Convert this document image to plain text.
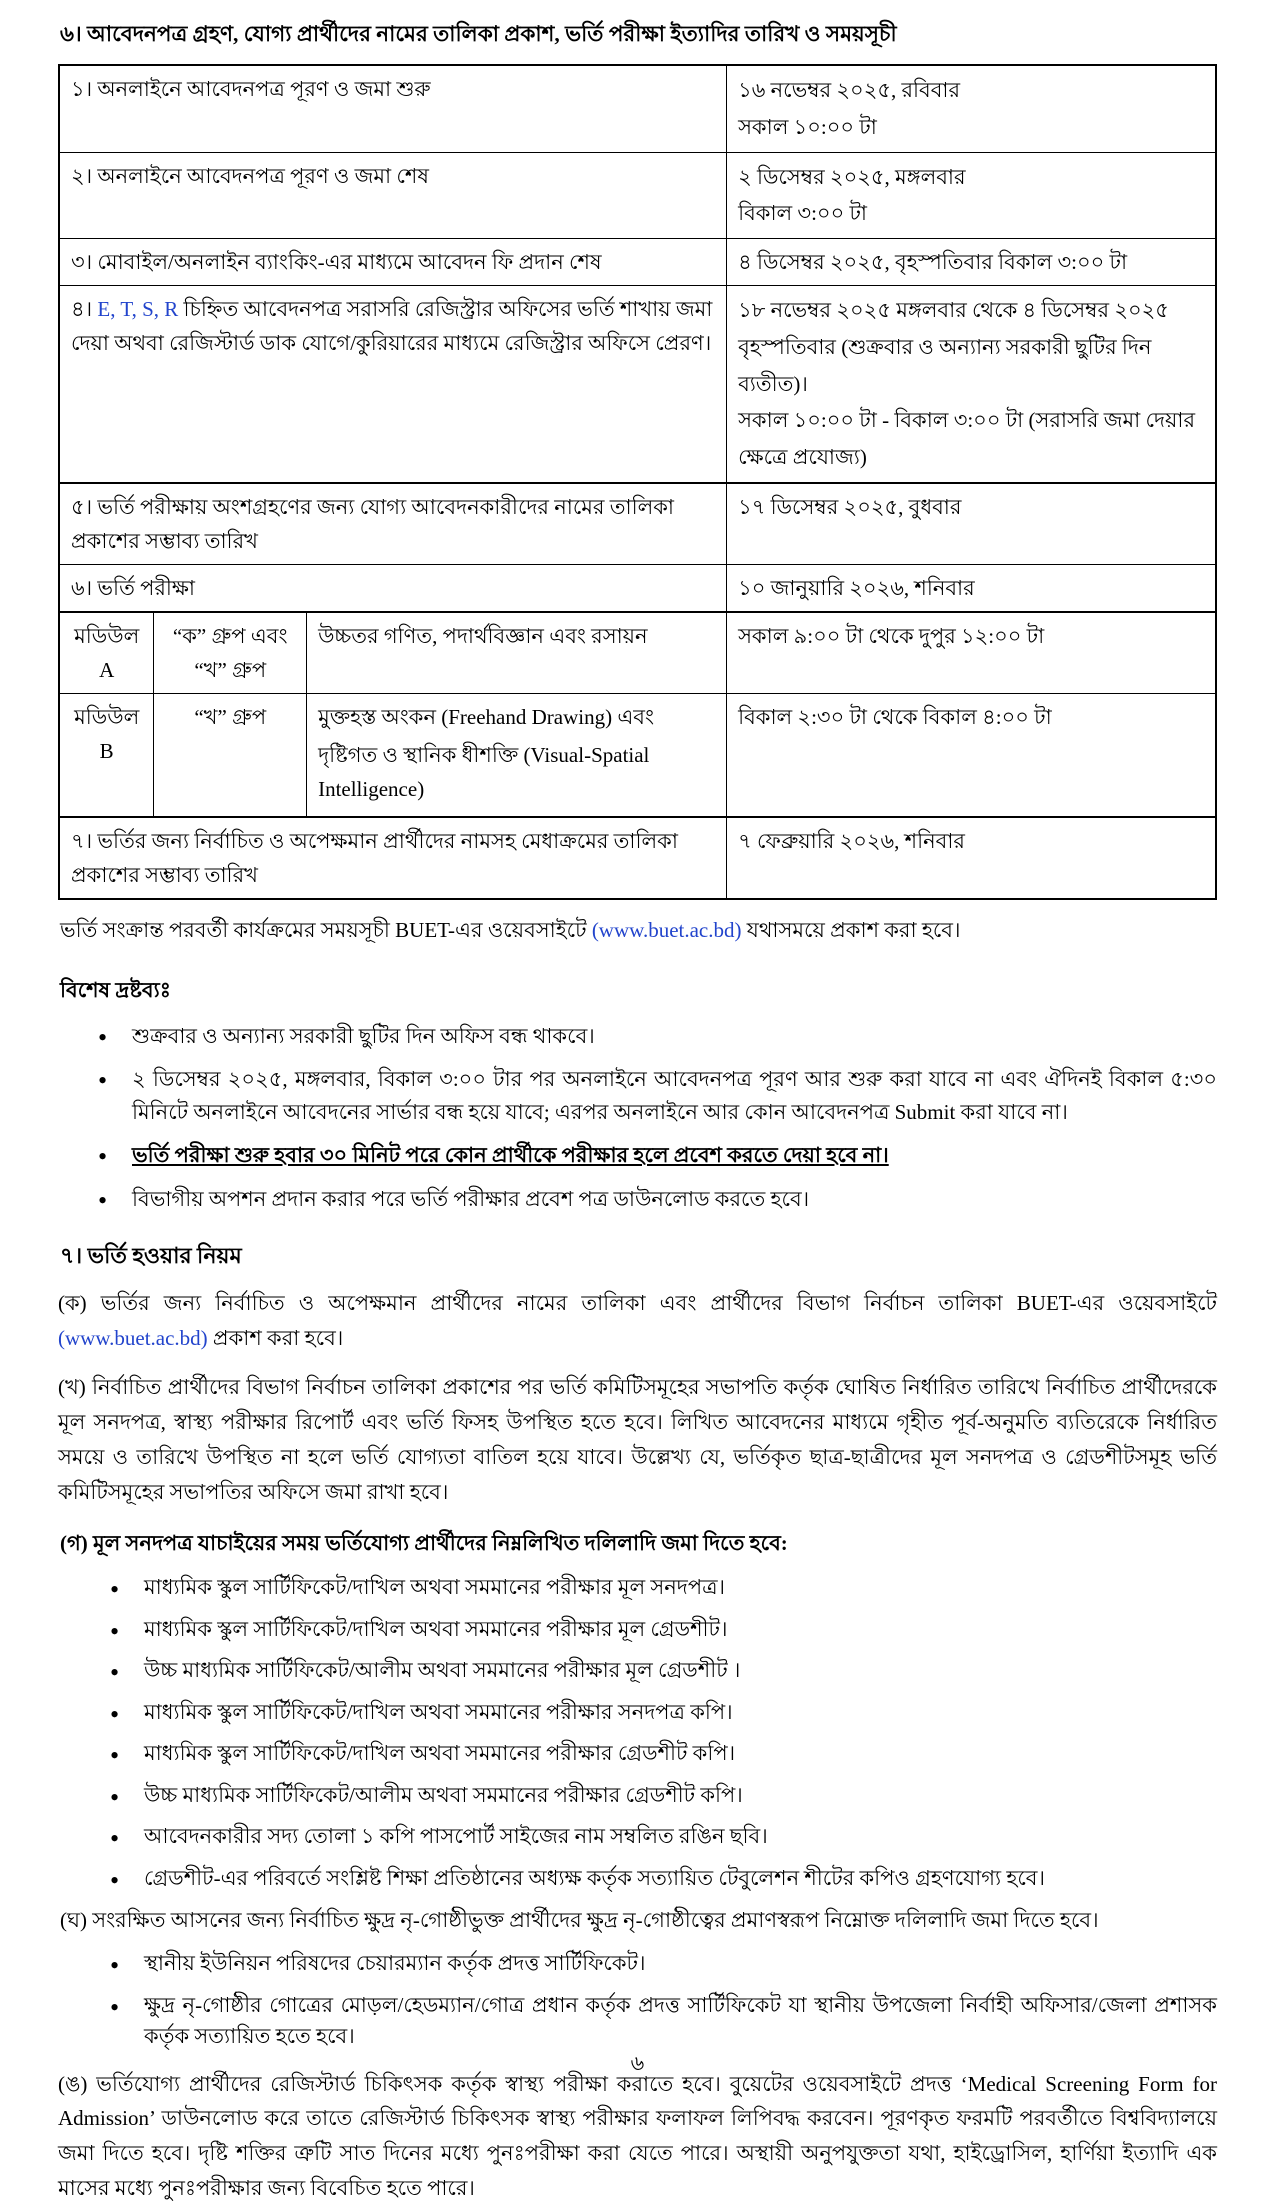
৬। আবেদনপত্র গ্রহণ, যোগ্য প্রার্থীদের নামের তালিকা প্রকাশ, ভর্তি পরীক্ষা ইত্যাদির তারিখ ও সময়সূচী
১। অনলাইনে আবেদনপত্র পূরণ ও জমা শুরু			১৬ নভেম্বর ২০২৫, রবিবার
সকাল ১০:০০ টা

২। অনলাইনে আবেদনপত্র পূরণ ও জমা শেষ			২ ডিসেম্বর ২০২৫, মঙ্গলবার
বিকাল ৩:০০ টা

৩। মোবাইল/অনলাইন ব্যাংকিং-এর মাধ্যমে আবেদন ফি প্রদান শেষ			৪ ডিসেম্বর ২০২৫, বৃহস্পতিবার বিকাল ৩:০০ টা
৪। E, T, S, R চিহ্নিত আবেদনপত্র সরাসরি রেজিস্ট্রার অফিসের ভর্তি শাখায় জমা দেয়া অথবা রেজিস্টার্ড ডাক যোগে/কুরিয়ারের মাধ্যমে রেজিস্ট্রার অফিসে প্রেরণ।			১৮ নভেম্বর ২০২৫ মঙ্গলবার থেকে ৪ ডিসেম্বর ২০২৫ বৃহস্পতিবার (শুক্রবার ও অন্যান্য সরকারী ছুটির দিন ব্যতীত)।
সকাল ১০:০০ টা - বিকাল ৩:০০ টা (সরাসরি জমা দেয়ার ক্ষেত্রে প্রযোজ্য)

৫। ভর্তি পরীক্ষায় অংশগ্রহণের জন্য যোগ্য আবেদনকারীদের নামের তালিকা প্রকাশের সম্ভাব্য তারিখ			১৭ ডিসেম্বর ২০২৫, বুধবার
৬। ভর্তি পরীক্ষা			১০ জানুয়ারি ২০২৬, শনিবার
মডিউল A	“ক” গ্রুপ এবং “খ” গ্রুপ	উচ্চতর গণিত, পদার্থবিজ্ঞান এবং রসায়ন	সকাল ৯:০০ টা থেকে দুপুর ১২:০০ টা
মডিউল B	“খ” গ্রুপ	মুক্তহস্ত অংকন (Freehand Drawing) এবং
দৃষ্টিগত ও স্থানিক ধীশক্তি (Visual-Spatial Intelligence)	বিকাল ২:৩০ টা থেকে বিকাল ৪:০০ টা
৭। ভর্তির জন্য নির্বাচিত ও অপেক্ষমান প্রার্থীদের নামসহ মেধাক্রমের তালিকা প্রকাশের সম্ভাব্য তারিখ			৭ ফেব্রুয়ারি ২০২৬, শনিবার
ভর্তি সংক্রান্ত পরবর্তী কার্যক্রমের সময়সূচী BUET-এর ওয়েবসাইটে (www.buet.ac.bd) যথাসময়ে প্রকাশ করা হবে।
বিশেষ দ্রষ্টব্যঃ
• শুক্রবার ও অন্যান্য সরকারী ছুটির দিন অফিস বন্ধ থাকবে।
• ২ ডিসেম্বর ২০২৫, মঙ্গলবার, বিকাল ৩:০০ টার পর অনলাইনে আবেদনপত্র পূরণ আর শুরু করা যাবে না এবং ঐদিনই বিকাল ৫:৩০ মিনিটে অনলাইনে আবেদনের সার্ভার বন্ধ হয়ে যাবে; এরপর অনলাইনে আর কোন আবেদনপত্র Submit করা যাবে না।
• ভর্তি পরীক্ষা শুরু হবার ৩০ মিনিট পরে কোন প্রার্থীকে পরীক্ষার হলে প্রবেশ করতে দেয়া হবে না।
• বিভাগীয় অপশন প্রদান করার পরে ভর্তি পরীক্ষার প্রবেশ পত্র ডাউনলোড করতে হবে।
৭। ভর্তি হওয়ার নিয়ম

(ক) ভর্তির জন্য নির্বাচিত ও অপেক্ষমান প্রার্থীদের নামের তালিকা এবং প্রার্থীদের বিভাগ নির্বাচন তালিকা BUET-এর ওয়েবসাইটে (www.buet.ac.bd) প্রকাশ করা হবে।

(খ) নির্বাচিত প্রার্থীদের বিভাগ নির্বাচন তালিকা প্রকাশের পর ভর্তি কমিটিসমূহের সভাপতি কর্তৃক ঘোষিত নির্ধারিত তারিখে নির্বাচিত প্রার্থীদেরকে মূল সনদপত্র, স্বাস্থ্য পরীক্ষার রিপোর্ট এবং ভর্তি ফিসহ উপস্থিত হতে হবে। লিখিত আবেদনের মাধ্যমে গৃহীত পূর্ব-অনুমতি ব্যতিরেকে নির্ধারিত সময়ে ও তারিখে উপস্থিত না হলে ভর্তি যোগ্যতা বাতিল হয়ে যাবে। উল্লেখ্য যে, ভর্তিকৃত ছাত্র-ছাত্রীদের মূল সনদপত্র ও গ্রেডশীটসমূহ ভর্তি কমিটিসমূহের সভাপতির অফিসে জমা রাখা হবে।

(গ) মূল সনদপত্র যাচাইয়ের সময় ভর্তিযোগ্য প্রার্থীদের নিম্নলিখিত দলিলাদি জমা দিতে হবে:
• মাধ্যমিক স্কুল সার্টিফিকেট/দাখিল অথবা সমমানের পরীক্ষার মূল সনদপত্র।
• মাধ্যমিক স্কুল সার্টিফিকেট/দাখিল অথবা সমমানের পরীক্ষার মূল গ্রেডশীট।
• উচ্চ মাধ্যমিক সার্টিফিকেট/আলীম অথবা সমমানের পরীক্ষার মূল গ্রেডশীট ।
• মাধ্যমিক স্কুল সার্টিফিকেট/দাখিল অথবা সমমানের পরীক্ষার সনদপত্র কপি।
• মাধ্যমিক স্কুল সার্টিফিকেট/দাখিল অথবা সমমানের পরীক্ষার গ্রেডশীট কপি।
• উচ্চ মাধ্যমিক সার্টিফিকেট/আলীম অথবা সমমানের পরীক্ষার গ্রেডশীট কপি।
• আবেদনকারীর সদ্য তোলা ১ কপি পাসপোর্ট সাইজের নাম সম্বলিত রঙিন ছবি।
• গ্রেডশীট-এর পরিবর্তে সংশ্লিষ্ট শিক্ষা প্রতিষ্ঠানের অধ্যক্ষ কর্তৃক সত্যায়িত টেবুলেশন শীটের কপিও গ্রহণযোগ্য হবে।
(ঘ) সংরক্ষিত আসনের জন্য নির্বাচিত ক্ষুদ্র নৃ-গোষ্ঠীভুক্ত প্রার্থীদের ক্ষুদ্র নৃ-গোষ্ঠীত্বের প্রমাণস্বরূপ নিম্নোক্ত দলিলাদি জমা দিতে হবে।
• স্থানীয় ইউনিয়ন পরিষদের চেয়ারম্যান কর্তৃক প্রদত্ত সার্টিফিকেট।
• ক্ষুদ্র নৃ-গোষ্ঠীর গোত্রের মোড়ল/হেডম্যান/গোত্র প্রধান কর্তৃক প্রদত্ত সার্টিফিকেট যা স্থানীয় উপজেলা নির্বাহী অফিসার/জেলা প্রশাসক কর্তৃক সত্যায়িত হতে হবে।

(ঙ) ভর্তিযোগ্য প্রার্থীদের রেজিস্টার্ড চিকিৎসক কর্তৃক স্বাস্থ্য পরীক্ষা করাতে হবে। বুয়েটের ওয়েবসাইটে প্রদত্ত ‘Medical Screening Form for Admission’ ডাউনলোড করে তাতে রেজিস্টার্ড চিকিৎসক স্বাস্থ্য পরীক্ষার ফলাফল লিপিবদ্ধ করবেন। পূরণকৃত ফরমটি পরবর্তীতে বিশ্ববিদ্যালয়ে জমা দিতে হবে। দৃষ্টি শক্তির ত্রুটি সাত দিনের মধ্যে পুনঃপরীক্ষা করা যেতে পারে। অস্থায়ী অনুপযুক্ততা যথা, হাইড্রোসিল, হার্ণিয়া ইত্যাদি এক মাসের মধ্যে পুনঃপরীক্ষার জন্য বিবেচিত হতে পারে।

৬
